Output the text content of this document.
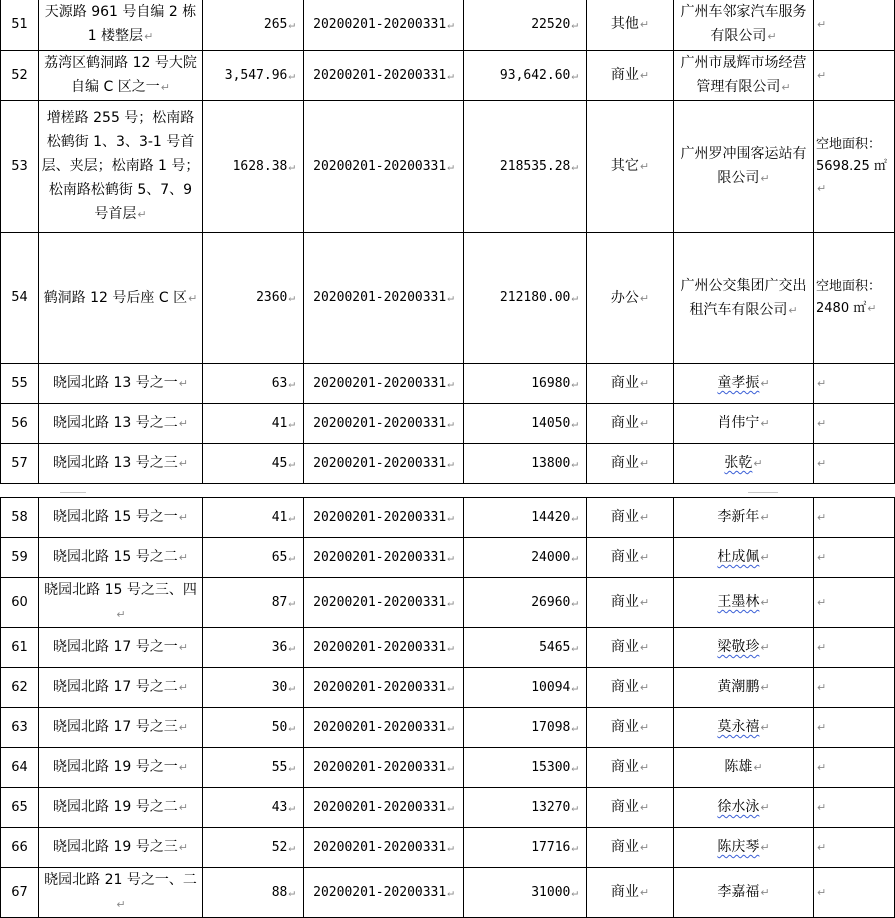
51	天源路 961 号自编 2 栋 1 楼整层↵	265↵	20200201-20200331↵	22520↵	其他↵	广州车邻家汽车服务有限公司↵	↵
52	荔湾区鹤洞路 12 号大院自编 C 区之一↵	3,547.96↵	20200201-20200331↵	93,642.60↵	商业↵	广州市晟辉市场经营管理有限公司↵	↵
53	增槎路 255 号；松南路松鹤街 1、3、3-1 号首层、夹层；松南路 1 号；松南路松鹤街 5、7、9 号首层↵	1628.38↵	20200201-20200331↵	218535.28↵	其它↵	广州罗冲围客运站有限公司↵	空地面积：5698.25 ㎡↵
54	鹤洞路 12 号后座 C 区↵	2360↵	20200201-20200331↵	212180.00↵	办公↵	广州公交集团广交出租汽车有限公司↵	空地面积：2480 ㎡↵
55	晓园北路 13 号之一↵	63↵	20200201-20200331↵	16980↵	商业↵	童孝振↵	↵
56	晓园北路 13 号之二↵	41↵	20200201-20200331↵	14050↵	商业↵	肖伟宁↵	↵
57	晓园北路 13 号之三↵	45↵	20200201-20200331↵	13800↵	商业↵	张乾↵	↵
58	晓园北路 15 号之一↵	41↵	20200201-20200331↵	14420↵	商业↵	李新年↵	↵
59	晓园北路 15 号之二↵	65↵	20200201-20200331↵	24000↵	商业↵	杜成佩↵	↵
60	晓园北路 15 号之三、四↵	87↵	20200201-20200331↵	26960↵	商业↵	王墨林↵	↵
61	晓园北路 17 号之一↵	36↵	20200201-20200331↵	5465↵	商业↵	梁敬珍↵	↵
62	晓园北路 17 号之二↵	30↵	20200201-20200331↵	10094↵	商业↵	黄潮鹏↵	↵
63	晓园北路 17 号之三↵	50↵	20200201-20200331↵	17098↵	商业↵	莫永禧↵	↵
64	晓园北路 19 号之一↵	55↵	20200201-20200331↵	15300↵	商业↵	陈雄↵	↵
65	晓园北路 19 号之二↵	43↵	20200201-20200331↵	13270↵	商业↵	徐水泳↵	↵
66	晓园北路 19 号之三↵	52↵	20200201-20200331↵	17716↵	商业↵	陈庆琴↵	↵
67	晓园北路 21 号之一、二↵	88↵	20200201-20200331↵	31000↵	商业↵	李嘉福↵	↵
